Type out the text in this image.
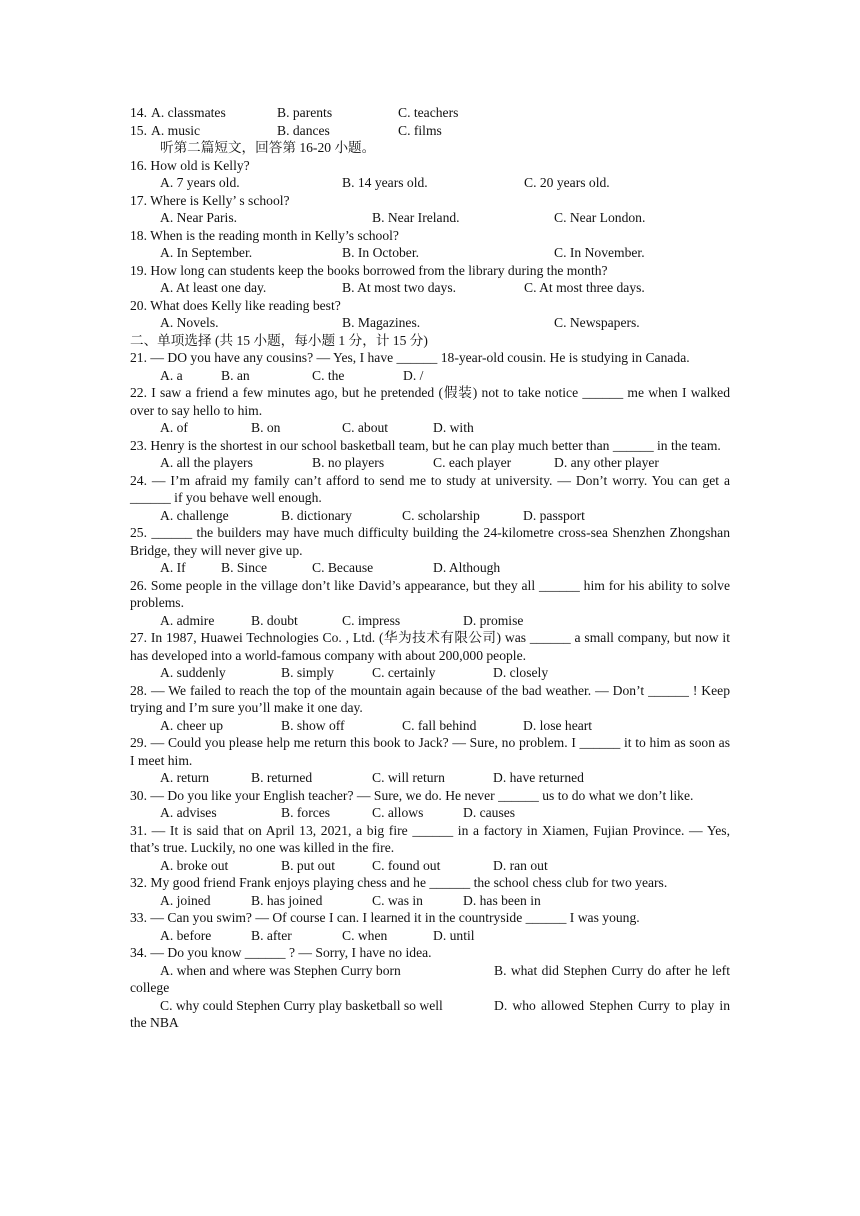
14. A. classmates	B. parents	C. teachers
15. A. music	B. dances	C. films
听第二篇短文，回答第 16-20 小题。
16. How old is Kelly?
A. 7 years old.	B. 14 years old.	C. 20 years old.
17. Where is Kelly’ s school?
A. Near Paris.	B. Near Ireland.	C. Near London.
18. When is the reading month in Kelly’s school?
A. In September.	B. In October.	C. In November.
19. How long can students keep the books borrowed from the library during the month?
A. At least one day.	B. At most two days.	C. At most three days.
20. What does Kelly like reading best?
A. Novels.	B. Magazines.	C. Newspapers.
二、单项选择 (共 15 小题，每小题 1 分，计 15 分)
21. — DO you have any cousins? — Yes, I have ______ 18-year-old cousin. He is studying in Canada.
A. a	B. an	C. the	D. /
22. I saw a friend a few minutes ago, but he pretended (假装) not to take notice ______ me when I walked over to say hello to him.
A. of	B. on	C. about	D. with
23. Henry is the shortest in our school basketball team, but he can play much better than ______ in the team.
A. all the players	B. no players	C. each player	D. any other player
24. — I’m afraid my family can’t afford to send me to study at university. — Don’t worry. You can get a ______ if you behave well enough.
A. challenge	B. dictionary	C. scholarship	D. passport
25. ______ the builders may have much difficulty building the 24-kilometre cross-sea Shenzhen Zhongshan Bridge, they will never give up.
A. If	B. Since	C. Because	D. Although
26. Some people in the village don’t like David’s appearance, but they all ______ him for his ability to solve problems.
A. admire	B. doubt	C. impress	D. promise
27. In 1987, Huawei Technologies Co. , Ltd. (华为技术有限公司) was ______ a small company, but now it has developed into a world-famous company with about 200,000 people.
A. suddenly	B. simply	C. certainly	D. closely
28. — We failed to reach the top of the mountain again because of the bad weather. — Don’t ______ ! Keep trying and I’m sure you’ll make it one day.
A. cheer up	B. show off	C. fall behind	D. lose heart
29. — Could you please help me return this book to Jack? — Sure, no problem. I ______ it to him as soon as I meet him.
A. return	B. returned	C. will return	D. have returned
30. — Do you like your English teacher? — Sure, we do. He never ______ us to do what we don’t like.
A. advises	B. forces	C. allows	D. causes
31. — It is said that on April 13, 2021, a big fire ______ in a factory in Xiamen, Fujian Province. — Yes, that’s true. Luckily, no one was killed in the fire.
A. broke out	B. put out	C. found out	D. ran out
32. My good friend Frank enjoys playing chess and he ______ the school chess club for two years.
A. joined	B. has joined	C. was in	D. has been in
33. — Can you swim? — Of course I can. I learned it in the countryside ______ I was young.
A. before	B. after	C. when	D. until
34. — Do you know ______ ? — Sorry, I have no idea.
A. when and where was Stephen Curry born	B. what did Stephen Curry do after he left college
C. why could Stephen Curry play basketball so well	D. who allowed Stephen Curry to play in the NBA
